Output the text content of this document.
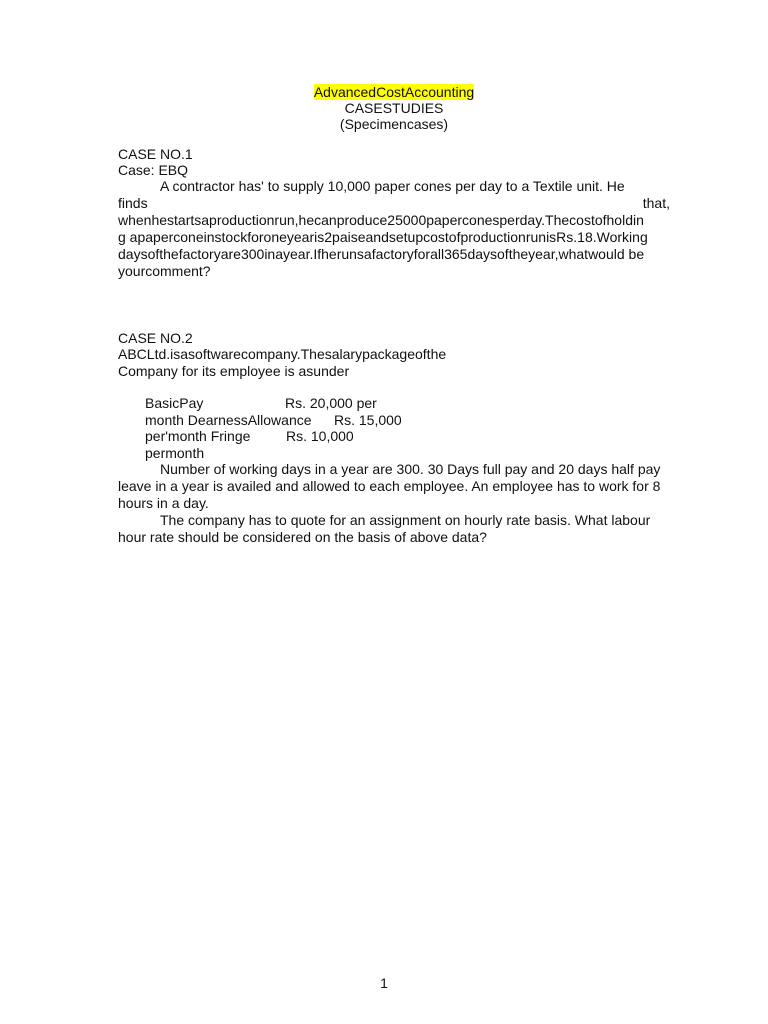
AdvancedCostAccounting
CASESTUDIES
(Specimencases)
CASE NO.1
Case: EBQ
A contractor has' to supply 10,000 paper cones per day to a Textile unit. He
finds	that,
whenhestartsaproductionrun,hecanproduce25000paperconesperday.Thecostofholdin
g apaperconeinstockforoneyearis2paiseandsetupcostofproductionrunisRs.18.Working
daysofthefactoryare300inayear.Ifherunsafactoryforall365daysoftheyear,whatwould be
yourcomment?
CASE NO.2
ABCLtd.isasoftwarecompany.Thesalarypackageofthe
Company for its employee is asunder
BasicPay	Rs. 20,000 per
month DearnessAllowance Rs. 15,000
per'month Fringe	Rs. 10,000
permonth
Number of working days in a year are 300. 30 Days full pay and 20 days half pay
leave in a year is availed and allowed to each employee. An employee has to work for 8
hours in a day.
The company has to quote for an assignment on hourly rate basis. What labour
hour rate should be considered on the basis of above data?
1
